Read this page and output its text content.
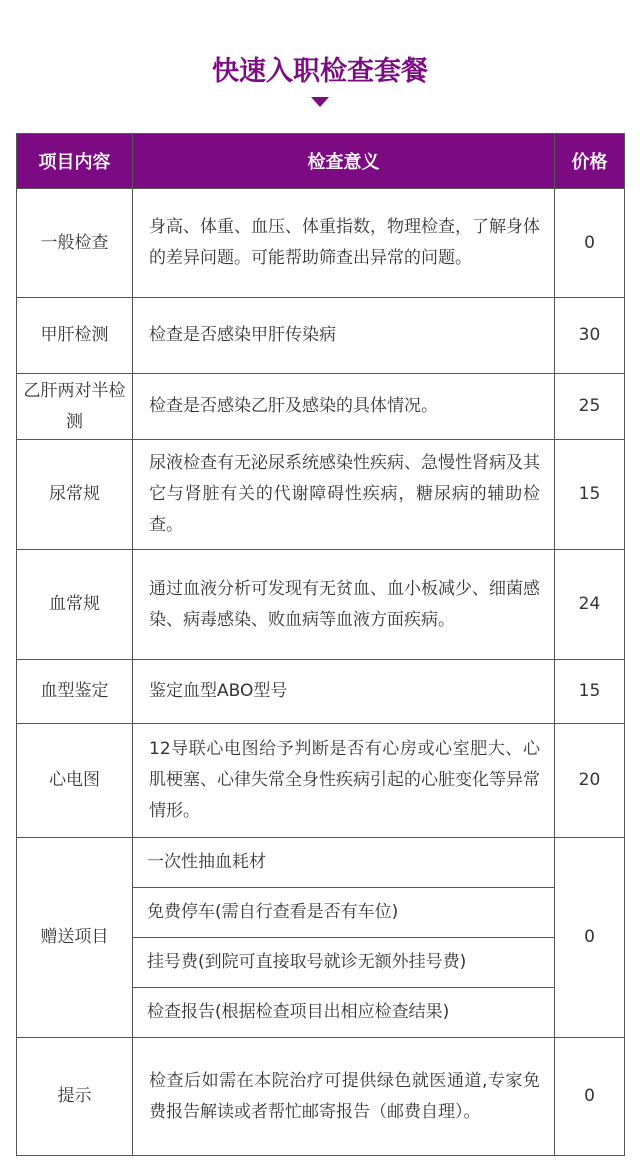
快速入职检查套餐
项目内容	检查意义	价格
一般检查	身高、体重、血压、体重指数，物理检查，了解身体的差异问题。可能帮助筛查出异常的问题。	0
甲肝检测	检查是否感染甲肝传染病	30
乙肝两对半检测	检查是否感染乙肝及感染的具体情况。	25
尿常规	尿液检查有无泌尿系统感染性疾病、急慢性肾病及其它与肾脏有关的代谢障碍性疾病，糖尿病的辅助检查。	15
血常规	通过血液分析可发现有无贫血、血小板减少、细菌感染、病毒感染、败血病等血液方面疾病。	24
血型鉴定	鉴定血型ABO型号	15
心电图	12导联心电图给予判断是否有心房或心室肥大、心肌梗塞、心律失常全身性疾病引起的心脏变化等异常情形。	20
赠送项目	一次性抽血耗材	0
	免费停车(需自行查看是否有车位)	
	挂号费(到院可直接取号就诊无额外挂号费)	
	检查报告(根据检查项目出相应检查结果)	
提示	检查后如需在本院治疗可提供绿色就医通道,专家免费报告解读或者帮忙邮寄报告（邮费自理）。	0
